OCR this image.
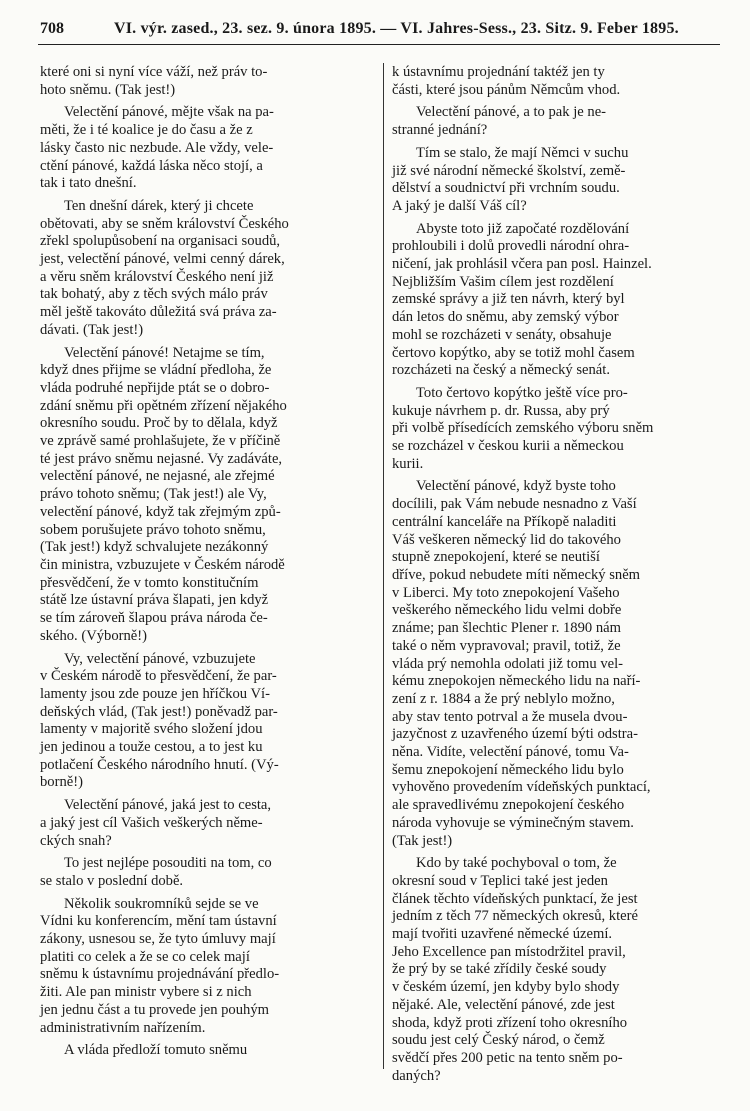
708	VI. výr. zased., 23. sez. 9. února 1895. — VI. Jahres-Sess., 23. Sitz. 9. Feber 1895.
které oni si nyní více váží, než práv to-
hoto sněmu. (Tak jest!)
Velectění pánové, mějte však na pa-
měti, že i té koalice je do času a že z
lásky často nic nezbude. Ale vždy, vele-
ctění pánové, každá láska něco stojí, a
tak i tato dnešní.
Ten dnešní dárek, který ji chcete
obětovati, aby se sněm království Českého
zřekl spolupůsobení na organisaci soudů,
jest, velectění pánové, velmi cenný dárek,
a věru sněm království Českého není již
tak bohatý, aby z těch svých málo práv
měl ještě takováto důležitá svá práva za-
dávati. (Tak jest!)
Velectění pánové! Netajme se tím,
když dnes přijme se vládní předloha, že
vláda podruhé nepřijde ptát se o dobro-
zdání sněmu při opětném zřízení nějakého
okresního soudu. Proč by to dělala, když
ve zprávě samé prohlašujete, že v příčině
té jest právo sněmu nejasné. Vy zadáváte,
velectění pánové, ne nejasné, ale zřejmé
právo tohoto sněmu; (Tak jest!) ale Vy,
velectění pánové, když tak zřejmým způ-
sobem porušujete právo tohoto sněmu,
(Tak jest!) když schvalujete nezákonný
čin ministra, vzbuzujete v Českém národě
přesvědčení, že v tomto konstitučním
státě lze ústavní práva šlapati, jen když
se tím zároveň šlapou práva národa če-
ského. (Výborně!)
Vy, velectění pánové, vzbuzujete
v Českém národě to přesvědčení, že par-
lamenty jsou zde pouze jen hříčkou Ví-
deňských vlád, (Tak jest!) poněvadž par-
lamenty v majoritě svého složení jdou
jen jedinou a touže cestou, a to jest ku
potlačení Českého národního hnutí. (Vý-
borně!)
Velectění pánové, jaká jest to cesta,
a jaký jest cíl Vašich veškerých něme-
ckých snah?
To jest nejlépe posouditi na tom, co
se stalo v poslední době.
Několik soukromníků sejde se ve
Vídni ku konferencím, mění tam ústavní
zákony, usnesou se, že tyto úmluvy mají
platiti co celek a že se co celek mají
sněmu k ústavnímu projednávání předlo-
žiti. Ale pan ministr vybere si z nich
jen jednu část a tu provede jen pouhým
administrativním nařízením.
A vláda předloží tomuto sněmu
k ústavnímu projednání taktéž jen ty
části, které jsou pánům Němcům vhod.
Velectění pánové, a to pak je ne-
stranné jednání?
Tím se stalo, že mají Němci v suchu
již své národní německé školství, země-
dělství a soudnictví při vrchním soudu.
A jaký je další Váš cíl?
Abyste toto již započaté rozdělování
prohloubili i dolů provedli národní ohra-
ničení, jak prohlásil včera pan posl. Hainzel.
Nejbližším Vašim cílem jest rozdělení
zemské správy a již ten návrh, který byl
dán letos do sněmu, aby zemský výbor
mohl se rozcházeti v senáty, obsahuje
čertovo kopýtko, aby se totiž mohl časem
rozcházeti na český a německý senát.
Toto čertovo kopýtko ještě více pro-
kukuje návrhem p. dr. Russa, aby prý
při volbě přísedících zemského výboru sněm
se rozcházel v českou kurii a německou
kurii.
Velectění pánové, když byste toho
docílili, pak Vám nebude nesnadno z Vaší
centrální kanceláře na Příkopě naladiti
Váš veškeren německý lid do takového
stupně znepokojení, které se neutiší
dříve, pokud nebudete míti německý sněm
v Liberci. My toto znepokojení Vašeho
veškerého německého lidu velmi dobře
známe; pan šlechtic Plener r. 1890 nám
také o něm vypravoval; pravil, totiž, že
vláda prý nemohla odolati již tomu vel-
kému znepokojen německého lidu na naří-
zení z r. 1884 a že prý neblylo možno,
aby stav tento potrval a že musela dvou-
jazyčnost z uzavřeného území býti odstra-
něna. Vidíte, velectění pánové, tomu Va-
šemu znepokojení německého lidu bylo
vyhověno provedením vídeňských punktací,
ale spravedlivému znepokojení českého
národa vyhovuje se výminečným stavem.
(Tak jest!)
Kdo by také pochyboval o tom, že
okresní soud v Teplici také jest jeden
článek těchto vídeňských punktací, že jest
jedním z těch 77 německých okresů, které
mají tvořiti uzavřené německé území.
Jeho Excellence pan místodržitel pravil,
že prý by se také zřídily české soudy
v českém území, jen kdyby bylo shody
nějaké. Ale, velectění pánové, zde jest
shoda, když proti zřízení toho okresního
soudu jest celý Český národ, o čemž
svědčí přes 200 petic na tento sněm po-
daných?
